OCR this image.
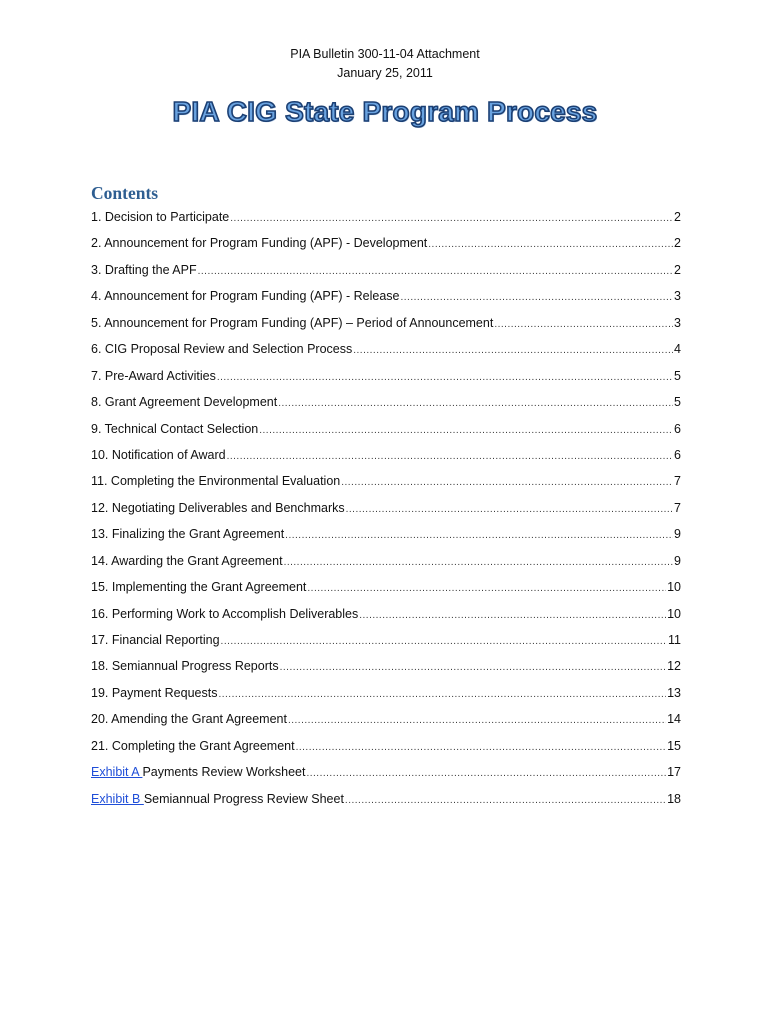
PIA Bulletin 300-11-04 Attachment
January 25, 2011
PIA CIG State Program Process
Contents
1. Decision to Participate .....	2
2. Announcement for Program Funding (APF) - Development .....	2
3. Drafting the APF .....	2
4. Announcement for Program Funding (APF) - Release .....	3
5. Announcement for Program Funding (APF) – Period of Announcement .....	3
6. CIG Proposal Review and Selection Process .....	4
7. Pre-Award Activities .....	5
8. Grant Agreement Development .....	5
9. Technical Contact Selection .....	6
10. Notification of Award .....	6
11. Completing the Environmental Evaluation .....	7
12. Negotiating Deliverables and Benchmarks .....	7
13. Finalizing the Grant Agreement .....	9
14. Awarding the Grant Agreement .....	9
15. Implementing the Grant Agreement .....	10
16. Performing Work to Accomplish Deliverables .....	10
17. Financial Reporting .....	11
18. Semiannual Progress Reports .....	12
19. Payment Requests .....	13
20. Amending the Grant Agreement .....	14
21. Completing the Grant Agreement .....	15
Exhibit A Payments Review Worksheet .....	17
Exhibit B Semiannual Progress Review Sheet .....	18
